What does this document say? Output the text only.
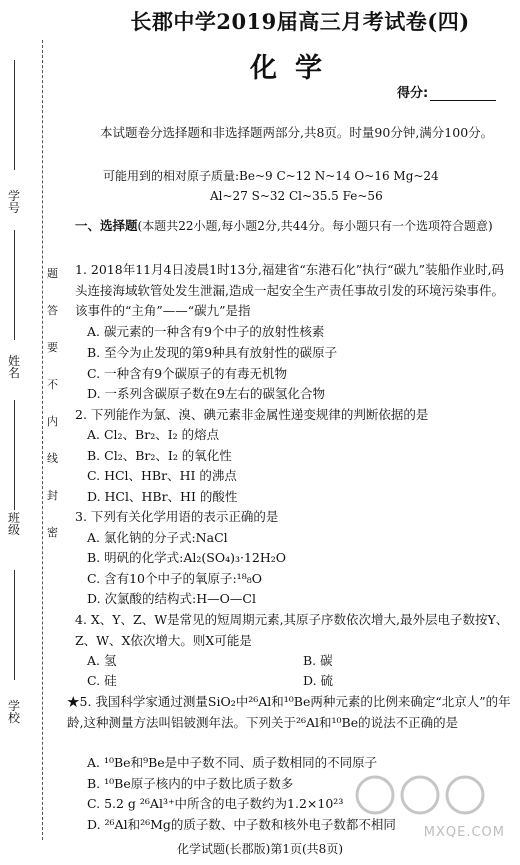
学号
姓名
班级
学校
题
答
要
不
内
线
封
密
长郡中学2019届高三月考试卷(四)
化学
得分:
本试题卷分选择题和非选择题两部分,共8页。时量90分钟,满分100分。
可能用到的相对原子质量:Be~9 C~12 N~14 O~16 Mg~24
Al~27 S~32 Cl~35.5 Fe~56
一、选择题(本题共22小题,每小题2分,共44分。每小题只有一个选项符合题意)
1. 2018年11月4日凌晨1时13分,福建省“东港石化”执行“碳九”装船作业时,码头连接海域软管处发生泄漏,造成一起安全生产责任事故引发的环境污染事件。该事件的“主角”——“碳九”是指
A. 碳元素的一种含有9个中子的放射性核素
B. 至今为止发现的第9种具有放射性的碳原子
C. 一种含有9个碳原子的有毒无机物
D. 一系列含碳原子数在9左右的碳氢化合物
2. 下列能作为氯、溴、碘元素非金属性递变规律的判断依据的是
A. Cl₂、Br₂、I₂ 的熔点
B. Cl₂、Br₂、I₂ 的氧化性
C. HCl、HBr、HI 的沸点
D. HCl、HBr、HI 的酸性
3. 下列有关化学用语的表示正确的是
A. 氯化钠的分子式:NaCl
B. 明矾的化学式:Al₂(SO₄)₃·12H₂O
C. 含有10个中子的氧原子:¹⁸₈O
D. 次氯酸的结构式:H—O—Cl
4. X、Y、Z、W是常见的短周期元素,其原子序数依次增大,最外层电子数按Y、Z、W、X依次增大。则X可能是
A. 氢	B. 碳
C. 硅	D. 硫
★5. 我国科学家通过测量SiO₂中²⁶Al和¹⁰Be两种元素的比例来确定“北京人”的年龄,这种测量方法叫铝铍测年法。下列关于²⁶Al和¹⁰Be的说法不正确的是
A. ¹⁰Be和⁹Be是中子数不同、质子数相同的不同原子
B. ¹⁰Be原子核内的中子数比质子数多
C. 5.2 g ²⁶Al³⁺中所含的电子数约为1.2×10²³
D. ²⁶Al和²⁶Mg的质子数、中子数和核外电子数都不相同
MXQE.COM
化学试题(长郡版)第1页(共8页)
